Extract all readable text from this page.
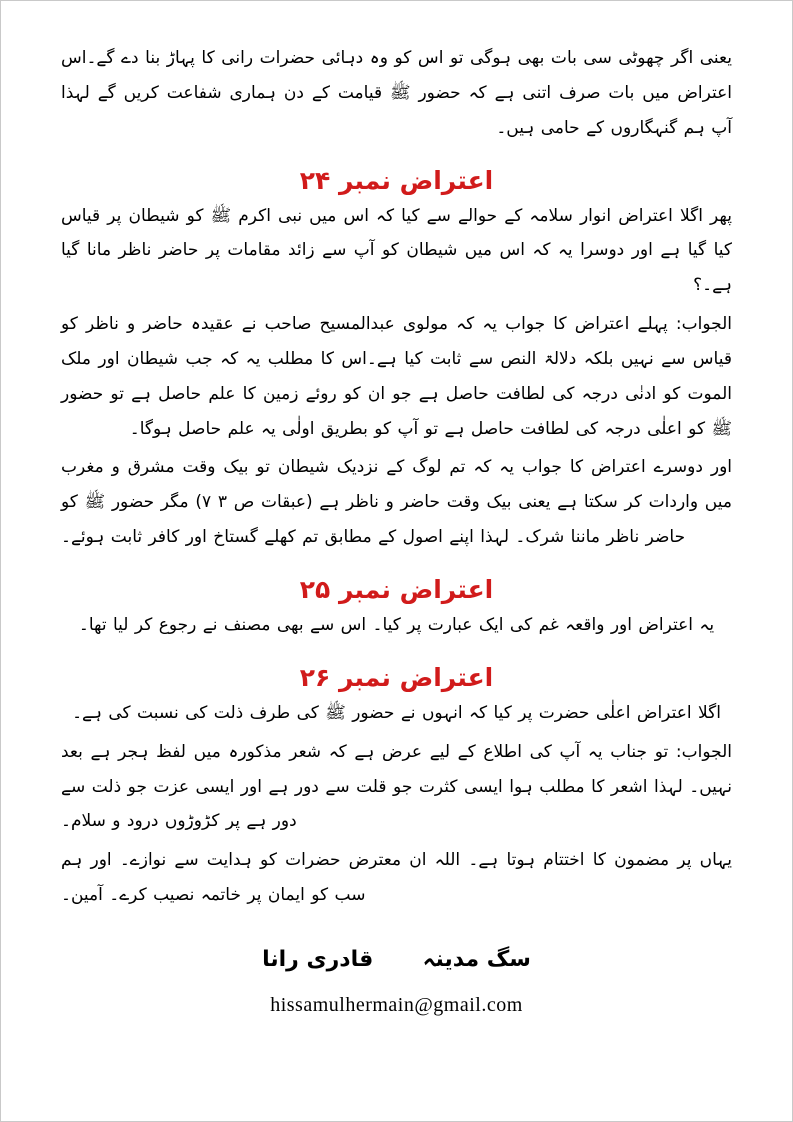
یعنی اگر چھوٹی سی بات بھی ہوگی تو اس کو وہ دہائی حضرات رانی کا پہاڑ بنا دے گے۔اس اعتراض میں بات صرف اتنی ہے کہ حضور ﷺ قیامت کے دن ہماری شفاعت کریں گے لہذا آپ ہم گنہگاروں کے حامی ہیں۔

اعتراض نمبر ۲۴

پھر اگلا اعتراض انوار سلامہ کے حوالے سے کیا کہ اس میں نبی اکرم ﷺ کو شیطان پر قیاس کیا گیا ہے اور دوسرا یہ کہ اس میں شیطان کو آپ سے زائد مقامات پر حاضر ناظر مانا گیا ہے۔؟

الجواب: پہلے اعتراض کا جواب یہ کہ مولوی عبدالمسیح صاحب نے عقیدہ حاضر و ناظر کو قیاس سے نہیں بلکہ دلالۃ النص سے ثابت کیا ہے۔اس کا مطلب یہ کہ جب شیطان اور ملک الموت کو ادنٰی درجہ کی لطافت حاصل ہے جو ان کو روئے زمین کا علم حاصل ہے تو حضور ﷺ کو اعلٰی درجہ کی لطافت حاصل ہے تو آپ کو بطریق اولٰی یہ علم حاصل ہوگا۔

اور دوسرے اعتراض کا جواب یہ کہ تم لوگ کے نزدیک شیطان تو بیک وقت مشرق و مغرب میں واردات کر سکتا ہے یعنی بیک وقت حاضر و ناظر ہے (عبقات ص ۳ ۷) مگر حضور ﷺ کو حاضر ناظر ماننا شرک۔ لہذا اپنے اصول کے مطابق تم کھلے گستاخ اور کافر ثابت ہوئے۔

اعتراض نمبر ۲۵

یہ اعتراض اور واقعہ غم کی ایک عبارت پر کیا۔ اس سے بھی مصنف نے رجوع کر لیا تھا۔

اعتراض نمبر ۲۶

اگلا اعتراض اعلٰی حضرت پر کیا کہ انہوں نے حضور ﷺ کی طرف ذلت کی نسبت کی ہے۔

الجواب: تو جناب یہ آپ کی اطلاع کے لیے عرض ہے کہ شعر مذکورہ میں لفظ ہجر ہے بعد نہیں۔ لہذا اشعر کا مطلب ہوا ایسی کثرت جو قلت سے دور ہے اور ایسی عزت جو ذلت سے دور ہے پر کڑوڑوں درود و سلام۔

یہاں پر مضمون کا اختتام ہوتا ہے۔ اللہ ان معترض حضرات کو ہدایت سے نوازے۔ اور ہم سب کو ایمان پر خاتمہ نصیب کرے۔ آمین۔

سگ مدینہ  قادری رانا
hissamulhermain@gmail.com
